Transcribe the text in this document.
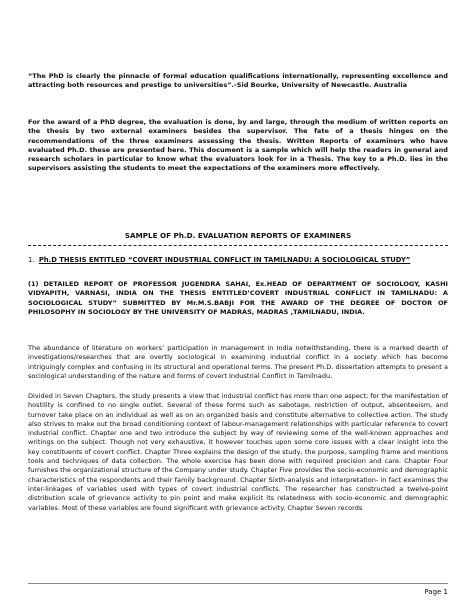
“The PhD is clearly the pinnacle of formal education qualifications internationally, representing excellence and attracting both resources and prestige to universities”.-Sid Bourke, University of Newcastle. Australia

For the award of a PhD degree, the evaluation is done, by and large, through the medium of written reports on the thesis by two external examiners besides the supervisor. The fate of a thesis hinges on the recommendations of the three examiners assessing the thesis. Written Reports of examiners who have evaluated Ph.D. these are presented here. This document is a sample which will help the readers in general and research scholars in particular to know what the evaluators look for in a Thesis. The key to a Ph.D. lies in the supervisors assisting the students to meet the expectations of the examiners more effectively.

SAMPLE OF Ph.D. EVALUATION REPORTS OF EXAMINERS

1. Ph.D THESIS ENTITLED “COVERT INDUSTRIAL CONFLICT IN TAMILNADU: A SOCIOLOGICAL STUDY”

(1) DETAILED REPORT OF PROFESSOR JUGENDRA SAHAI, Ex.HEAD OF DEPARTMENT OF SOCIOLOGY, KASHI VIDYAPITH, VARNASI, INDIA ON THE THESIS ENTITLED’COVERT INDUSTRIAL CONFLICT IN TAMILNADU: A SOCIOLOGICAL STUDY” SUBMITTED BY Mr.M.S.BABJI FOR THE AWARD OF THE DEGREE OF DOCTOR OF PHILOSOPHY IN SOCIOLOGY BY THE UNIVERSITY OF MADRAS, MADRAS ,TAMILNADU, INDIA.

The abundance of literature on workers’ participation in management in India notwithstanding, there is a marked dearth of investigations/researches that are overtly sociological in examining industrial conflict in a society which has become intriguingly complex and confusing in its structural and operational terms. The present Ph.D. dissertation attempts to present a sociological understanding of the nature and forms of covert Industrial Conflict in Tamilnadu.

Divided in Seven Chapters, the study presents a view that industrial conflict has more than one aspect; for the manifestation of hostility is confined to no single outlet. Several of these forms such as sabotage, restriction of output, absenteeism, and turnover take place on an individual as well as on an organized basis and constitute alternative to collective action. The study also strives to make out the broad conditioning context of labour-management relationships with particular reference to covert industrial conflict. Chapter one and two introduce the subject by way of reviewing some of the well-known approaches and writings on the subject. Though not very exhaustive, it however touches upon some core issues with a clear insight into the key constituents of covert conflict. Chapter Three explains the design of the study, the purpose, sampling frame and mentions tools and techniques of data collection. The whole exercise has been done with required precision and care. Chapter Four furnishes the organizational structure of the Company under study. Chapter Five provides the socio-economic and demographic characteristics of the respondents and their family background. Chapter Sixth-analysis and interpretation- in fact examines the inter-linkages of variables used with types of covert industrial conflicts. The researcher has constructed a twelve-point distribution scale of grievance activity to pin point and make explicit its relatedness with socio-economic and demographic variables. Most of these variables are found significant with grievance activity. Chapter Seven records

Page 1
